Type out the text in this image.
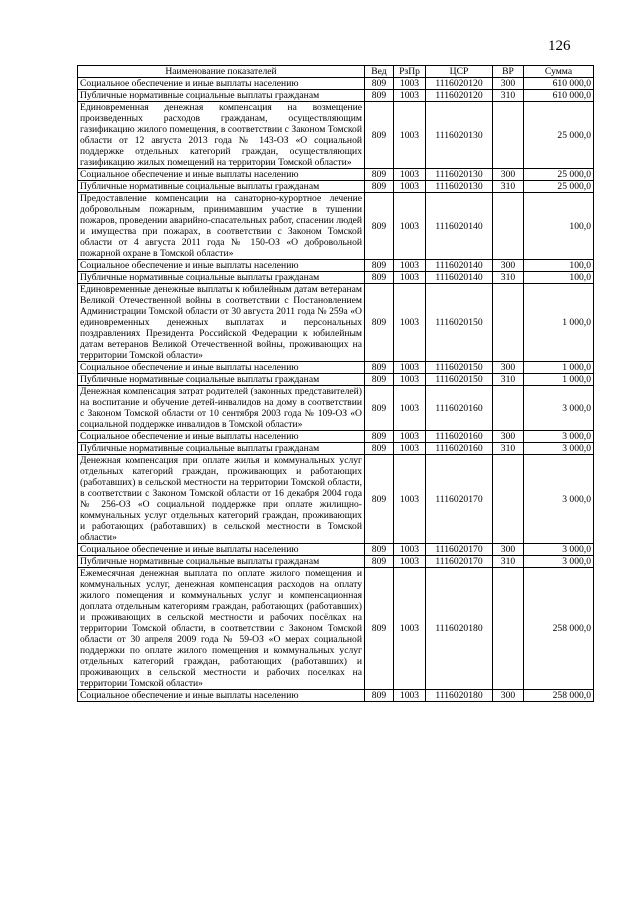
126
Наименование показателей	Вед	РзПр	ЦСР	ВР	Сумма
Социальное обеспечение и иные выплаты населению	809	1003	1116020120	300	610 000,0
Публичные нормативные социальные выплаты гражданам	809	1003	1116020120	310	610 000,0
Единовременная денежная компенсация на возмещение произведенных расходов гражданам, осуществляющим газификацию жилого помещения, в соответствии с Законом Томской области от 12 августа 2013 года № 143-ОЗ «О социальной поддержке отдельных категорий граждан, осуществляющих газификацию жилых помещений на территории Томской области»	809	1003	1116020130		25 000,0
Социальное обеспечение и иные выплаты населению	809	1003	1116020130	300	25 000,0
Публичные нормативные социальные выплаты гражданам	809	1003	1116020130	310	25 000,0
Предоставление компенсации на санаторно-курортное лечение добровольным пожарным, принимавшим участие в тушении пожаров, проведении аварийно-спасательных работ, спасении людей и имущества при пожарах, в соответствии с Законом Томской области от 4 августа 2011 года № 150-ОЗ «О добровольной пожарной охране в Томской области»	809	1003	1116020140		100,0
Социальное обеспечение и иные выплаты населению	809	1003	1116020140	300	100,0
Публичные нормативные социальные выплаты гражданам	809	1003	1116020140	310	100,0
Единовременные денежные выплаты к юбилейным датам ветеранам Великой Отечественной войны в соответствии с Постановлением Администрации Томской области от 30 августа 2011 года № 259а «О единовременных денежных выплатах и персональных поздравлениях Президента Российской Федерации к юбилейным датам ветеранов Великой Отечественной войны, проживающих на территории Томской области»	809	1003	1116020150		1 000,0
Социальное обеспечение и иные выплаты населению	809	1003	1116020150	300	1 000,0
Публичные нормативные социальные выплаты гражданам	809	1003	1116020150	310	1 000,0
Денежная компенсация затрат родителей (законных представителей) на воспитание и обучение детей-инвалидов на дому в соответствии с Законом Томской области от 10 сентября 2003 года № 109-ОЗ «О социальной поддержке инвалидов в Томской области»	809	1003	1116020160		3 000,0
Социальное обеспечение и иные выплаты населению	809	1003	1116020160	300	3 000,0
Публичные нормативные социальные выплаты гражданам	809	1003	1116020160	310	3 000,0
Денежная компенсация при оплате жилья и коммунальных услуг отдельных категорий граждан, проживающих и работающих (работавших) в сельской местности на территории Томской области, в соответствии с Законом Томской области от 16 декабря 2004 года № 256-ОЗ «О социальной поддержке при оплате жилищно-коммунальных услуг отдельных категорий граждан, проживающих и работающих (работавших) в сельской местности в Томской области»	809	1003	1116020170		3 000,0
Социальное обеспечение и иные выплаты населению	809	1003	1116020170	300	3 000,0
Публичные нормативные социальные выплаты гражданам	809	1003	1116020170	310	3 000,0
Ежемесячная денежная выплата по оплате жилого помещения и коммунальных услуг, денежная компенсация расходов на оплату жилого помещения и коммунальных услуг и компенсационная доплата отдельным категориям граждан, работающих (работавших) и проживающих в сельской местности и рабочих посёлках на территории Томской области, в соответствии с Законом Томской области от 30 апреля 2009 года № 59-ОЗ «О мерах социальной поддержки по оплате жилого помещения и коммунальных услуг отдельных категорий граждан, работающих (работавших) и проживающих в сельской местности и рабочих поселках на территории Томской области»	809	1003	1116020180		258 000,0
Социальное обеспечение и иные выплаты населению	809	1003	1116020180	300	258 000,0
